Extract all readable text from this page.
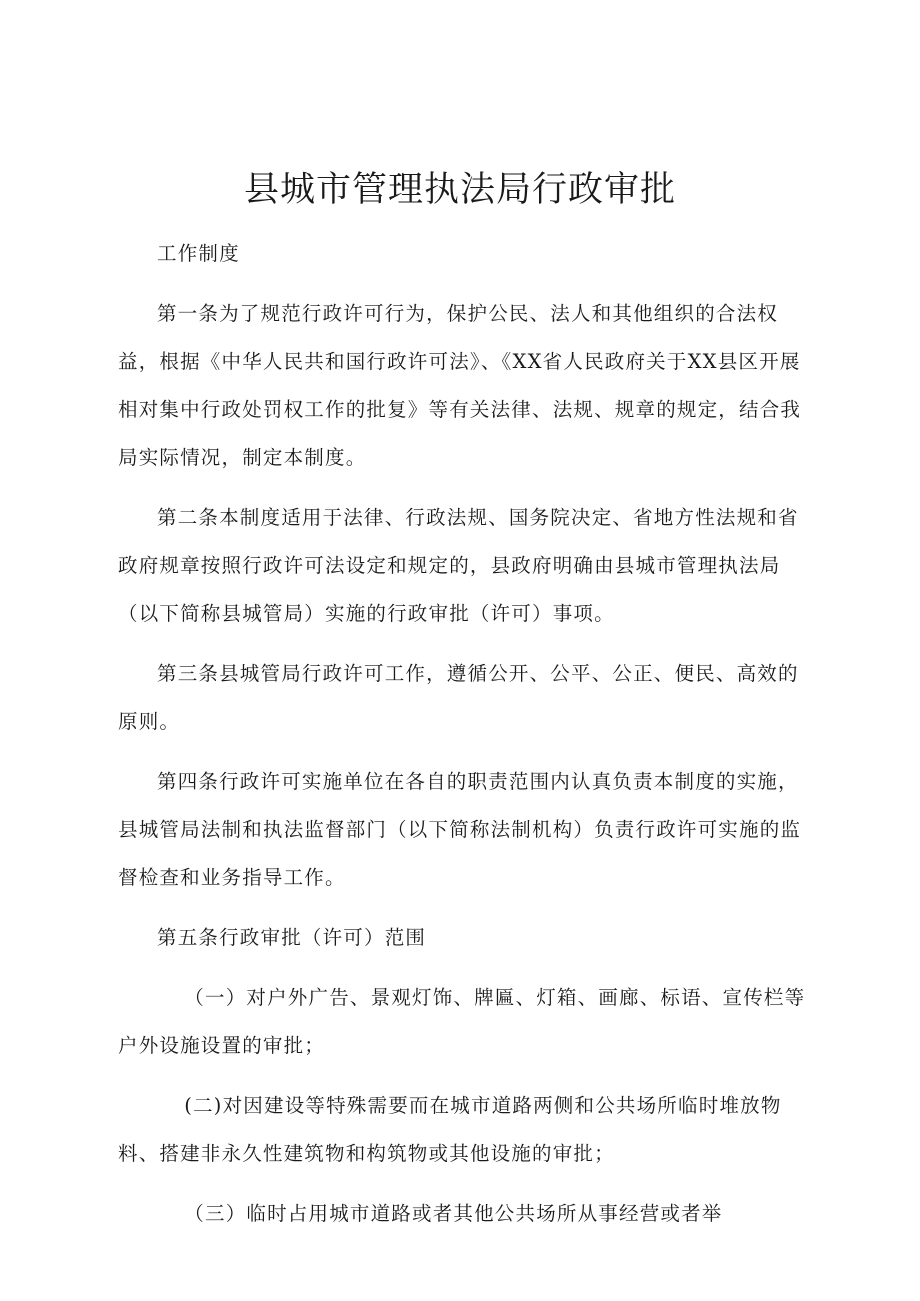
县城市管理执法局行政审批

工作制度

第一条为了规范行政许可行为，保护公民、法人和其他组织的合法权益，根据《中华人民共和国行政许可法》、《XX省人民政府关于XX县区开展相对集中行政处罚权工作的批复》等有关法律、法规、规章的规定，结合我局实际情况，制定本制度。

第二条本制度适用于法律、行政法规、国务院决定、省地方性法规和省政府规章按照行政许可法设定和规定的，县政府明确由县城市管理执法局（以下简称县城管局）实施的行政审批（许可）事项。

第三条县城管局行政许可工作，遵循公开、公平、公正、便民、高效的原则。

第四条行政许可实施单位在各自的职责范围内认真负责本制度的实施，县城管局法制和执法监督部门（以下简称法制机构）负责行政许可实施的监督检查和业务指导工作。

第五条行政审批（许可）范围

（一）对户外广告、景观灯饰、牌匾、灯箱、画廊、标语、宣传栏等户外设施设置的审批；

(二)对因建设等特殊需要而在城市道路两侧和公共场所临时堆放物料、搭建非永久性建筑物和构筑物或其他设施的审批；

（三）临时占用城市道路或者其他公共场所从事经营或者举
